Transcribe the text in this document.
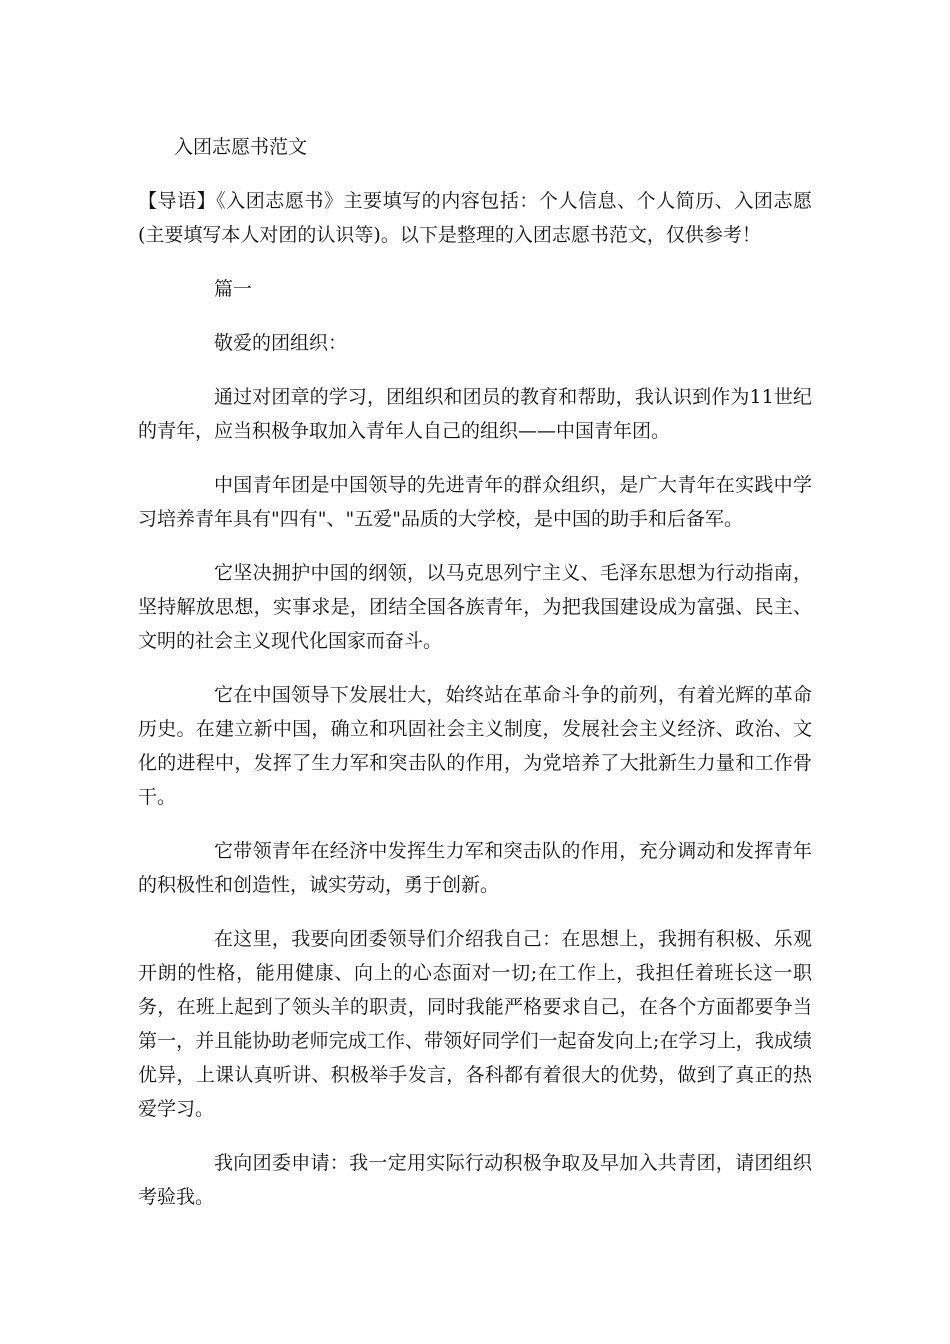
入团志愿书范文
【导语】《入团志愿书》主要填写的内容包括：个人信息、个人简历、入团志愿(主要填写本人对团的认识等)。以下是整理的入团志愿书范文，仅供参考！
篇一
敬爱的团组织：
通过对团章的学习，团组织和团员的教育和帮助，我认识到作为11世纪的青年，应当积极争取加入青年人自己的组织——中国青年团。
中国青年团是中国领导的先进青年的群众组织，是广大青年在实践中学习培养青年具有"四有"、"五爱"品质的大学校，是中国的助手和后备军。
它坚决拥护中国的纲领，以马克思列宁主义、毛泽东思想为行动指南，坚持解放思想，实事求是，团结全国各族青年，为把我国建设成为富强、民主、文明的社会主义现代化国家而奋斗。
它在中国领导下发展壮大，始终站在革命斗争的前列，有着光辉的革命历史。在建立新中国，确立和巩固社会主义制度，发展社会主义经济、政治、文化的进程中，发挥了生力军和突击队的作用，为党培养了大批新生力量和工作骨干。
它带领青年在经济中发挥生力军和突击队的作用，充分调动和发挥青年的积极性和创造性，诚实劳动，勇于创新。
在这里，我要向团委领导们介绍我自己：在思想上，我拥有积极、乐观开朗的性格，能用健康、向上的心态面对一切;在工作上，我担任着班长这一职务，在班上起到了领头羊的职责，同时我能严格要求自己，在各个方面都要争当第一，并且能协助老师完成工作、带领好同学们一起奋发向上;在学习上，我成绩优异，上课认真听讲、积极举手发言，各科都有着很大的优势，做到了真正的热爱学习。
我向团委申请：我一定用实际行动积极争取及早加入共青团，请团组织考验我。
